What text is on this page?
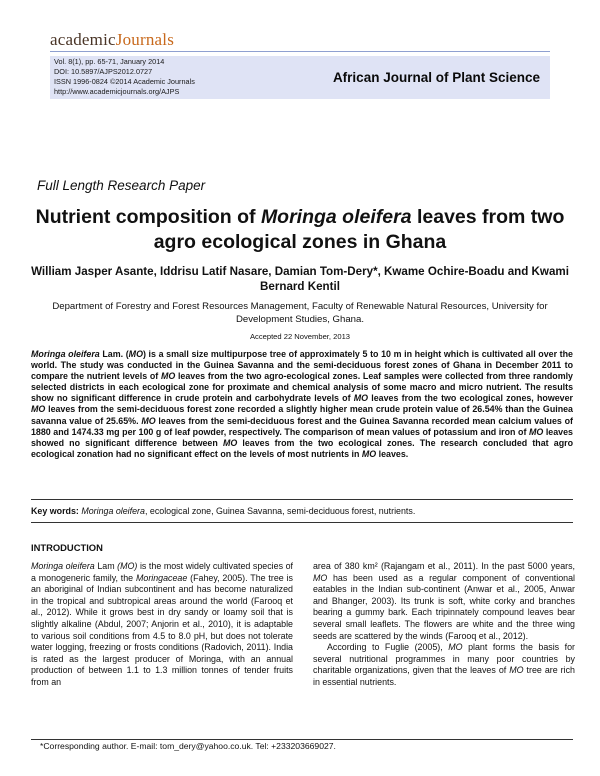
academicJournals
Vol. 8(1), pp. 65-71, January 2014
DOI: 10.5897/AJPS2012.0727
ISSN 1996-0824 ©2014 Academic Journals
http://www.academicjournals.org/AJPS
African Journal of Plant Science
Full Length Research Paper
Nutrient composition of Moringa oleifera leaves from two agro ecological zones in Ghana
William Jasper Asante, Iddrisu Latif Nasare, Damian Tom-Dery*, Kwame Ochire-Boadu and Kwami Bernard Kentil
Department of Forestry and Forest Resources Management, Faculty of Renewable Natural Resources, University for Development Studies, Ghana.
Accepted 22 November, 2013
Moringa oleifera Lam. (MO) is a small size multipurpose tree of approximately 5 to 10 m in height which is cultivated all over the world. The study was conducted in the Guinea Savanna and the semi-deciduous forest zones of Ghana in December 2011 to compare the nutrient levels of MO leaves from the two agro-ecological zones. Leaf samples were collected from three randomly selected districts in each ecological zone for proximate and chemical analysis of some macro and micro nutrient. The results show no significant difference in crude protein and carbohydrate levels of MO leaves from the two ecological zones, however MO leaves from the semi-deciduous forest zone recorded a slightly higher mean crude protein value of 26.54% than the Guinea savanna value of 25.65%. MO leaves from the semi-deciduous forest and the Guinea Savanna recorded mean calcium values of 1880 and 1474.33 mg per 100 g of leaf powder, respectively. The comparison of mean values of potassium and iron of MO leaves showed no significant difference between MO leaves from the two ecological zones. The research concluded that agro ecological zonation had no significant effect on the levels of most nutrients in MO leaves.
Key words: Moringa oleifera, ecological zone, Guinea Savanna, semi-deciduous forest, nutrients.
INTRODUCTION

Moringa oleifera Lam (MO) is the most widely cultivated species of a monogeneric family, the Moringaceae (Fahey, 2005). The tree is an aboriginal of Indian subcontinent and has become naturalized in the tropical and subtropical areas around the world (Farooq et al., 2012). While it grows best in dry sandy or loamy soil that is slightly alkaline (Abdul, 2007; Anjorin et al., 2010), it is adaptable to various soil conditions from 4.5 to 8.0 pH, but does not tolerate water logging, freezing or frosts conditions (Radovich, 2011). India is rated as the largest producer of Moringa, with an annual production of between 1.1 to 1.3 million tonnes of tender fruits from an

area of 380 km² (Rajangam et al., 2011). In the past 5000 years, MO has been used as a regular component of conventional eatables in the Indian sub-continent (Anwar et al., 2005, Anwar and Bhanger, 2003). Its trunk is soft, white corky and branches bearing a gummy bark. Each tripinnately compound leaves bear several small leaflets. The flowers are white and the three wing seeds are scattered by the winds (Farooq et al., 2012).

According to Fuglie (2005), MO plant forms the basis for several nutritional programmes in many poor countries by charitable organizations, given that the leaves of MO tree are rich in essential nutrients.

*Corresponding author. E-mail: tom_dery@yahoo.co.uk. Tel: +233203669027.
